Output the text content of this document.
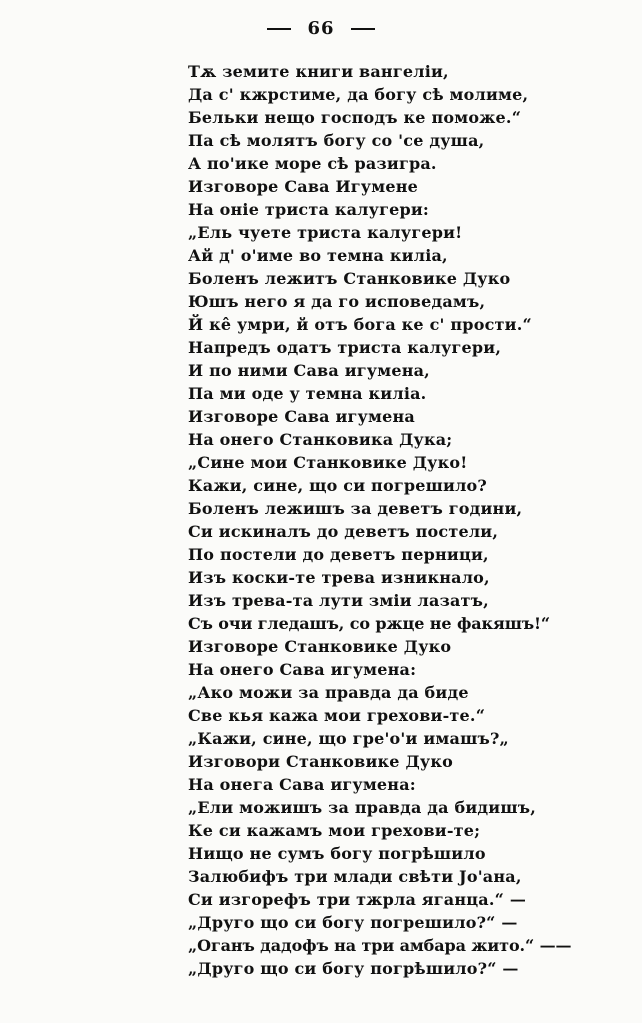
66
Тѫ земите книги вангелiи,
Да с' кжрстиме, да богу сѣ молиме,
Бельки нещо господъ ке поможе.“
Па сѣ молятъ богу со 'се душа,
А по'ике море сѣ разигра.
Изговоре Сава Игумене
На онiе триста калугери:
„Ель чуете триста калугери!
Ай д' о'име во темна килiа,
Боленъ лежитъ Станковике Дуко
Юшъ него я да го исповедамъ,
Й ке̂ умри, й отъ бога ке с' прости.“
Напредъ одатъ триста калугери,
И по ними Сава игумена,
Па ми оде у темна килiа.
Изговоре Сава игумена
На онего Станковика Дука;
„Сине мои Станковике Дуко!
Кажи, сине, що си погрешило?
Боленъ лежишъ за деветъ години,
Си искиналъ до деветъ постели,
По постели до деветъ перници,
Изъ коски-те трева изникнало,
Изъ трева-та лути змiи лазатъ,
Съ очи гледашъ, со ржце не факяшъ!“
Изговоре Станковике Дуко
На онего Сава игумена:
„Ако можи за правда да биде
Све кья кажа мои грехови-те.“
„Кажи, сине, що гре'о'и имашъ?„
Изговори Станковике Дуко
На онега Сава игумена:
„Ели можишъ за правда да бидишъ,
Ке си кажамъ мои грехови-те;
Нищо не сумъ богу погрѣшило
Залюбифъ три млади свѣти Јо'ана,
Си изгорефъ три тжрла яганца.“ —
„Друго що си богу погрешило?“ —
„Оганъ дадофъ на три амбара жито.“ ——
„Друго що си богу погрѣшило?“ —
